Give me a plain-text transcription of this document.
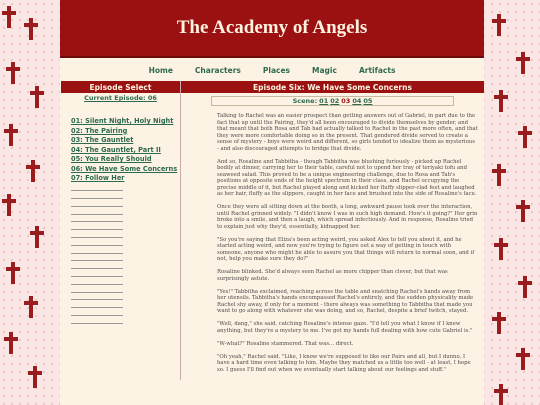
The Academy of Angels
Home	Characters	Places	Magic	Artifacts
Episode Select
Current Episode: 06
01: Silent Night, Holy Night
02: The Pairing
03: The Gauntlet
04: The Gauntlet, Part II
05: You Really Should
06: We Have Some Concerns
07: Follow Her
Episode Six: We Have Some Concerns
Scene: 01 02 03 04 05

Talking to Rachel was an easier prospect than getting answers out of Gabriel, in part due to the fact that up until the Pairing, they'd all been encouraged to divide themselves by gender, and that meant that both Rosa and Tab had actually talked to Rachel in the past more often, and that they were more comfortable doing so in the present. That gendered divide served to create a sense of mystery - boys were weird and different, so girls tended to idealize them as mysterious - and also discouraged attempts to bridge that divide.

And so, Rosaline and Tabbitha - though Tabbitha was blushing furiously - picked up Rachel bodily at dinner, carrying her to their table, careful not to upend her tray of teriyaki tofu and seaweed salad. This proved to be a unique engineering challenge, due to Rosa and Tab's positions at opposite ends of the height spectrum in their class, and Rachel occupying the precise middle of it, but Rachel played along and kicked her fluffy slipper-clad feet and laughed as her hair, fluffy as the slippers, caught in her face and brushed into the side of Rosaline's face.

Once they were all sitting down at the booth, a long, awkward pause took over the interaction, until Rachel grinned widely. "I didn't know I was in such high demand. How's it going?" Her grin broke into a smile, and then a laugh, which spread infectiously. And in response, Rosaline tried to explain just why they'd, essentially, kidnapped her.

"So you're saying that Eliza's been acting weird, you asked Alex to tell you about it, and he started acting weird, and now you're trying to figure out a way of getting in touch with someone, anyone who might be able to assure you that things will return to normal soon, and if not, help you make sure they do?"

Rosaline blinked. She'd always seen Rachel as more chipper than clever, but that was surprisingly astute.

"Yes!" Tabbitha exclaimed, reaching across the table and snatching Rachel's hands away from her utensils. Tabbitha's hands encompassed Rachel's entirely, and the sudden physicality made Rachel shy away, if only for a moment - there always was something to Tabbitha that made you want to go along with whatever she was doing, and so, Rachel, despite a brief twitch, stayed.

"Well, dang," she said, catching Rosaline's intense gaze. "I'd tell you what I know if I knew anything, but they're a mystery to me. I've got my hands full dealing with how cute Gabriel is."

"W-what?" Rosaline stammered. That was... direct.

"Oh yeah," Rachel said. "Like, I know we're supposed to like our Pairs and all, but I dunno, I have a hard time even talking to him. Maybe they matched us a little too well - at least, I hope so. I guess I'll find out when we eventually start talking about our feelings and stuff."
